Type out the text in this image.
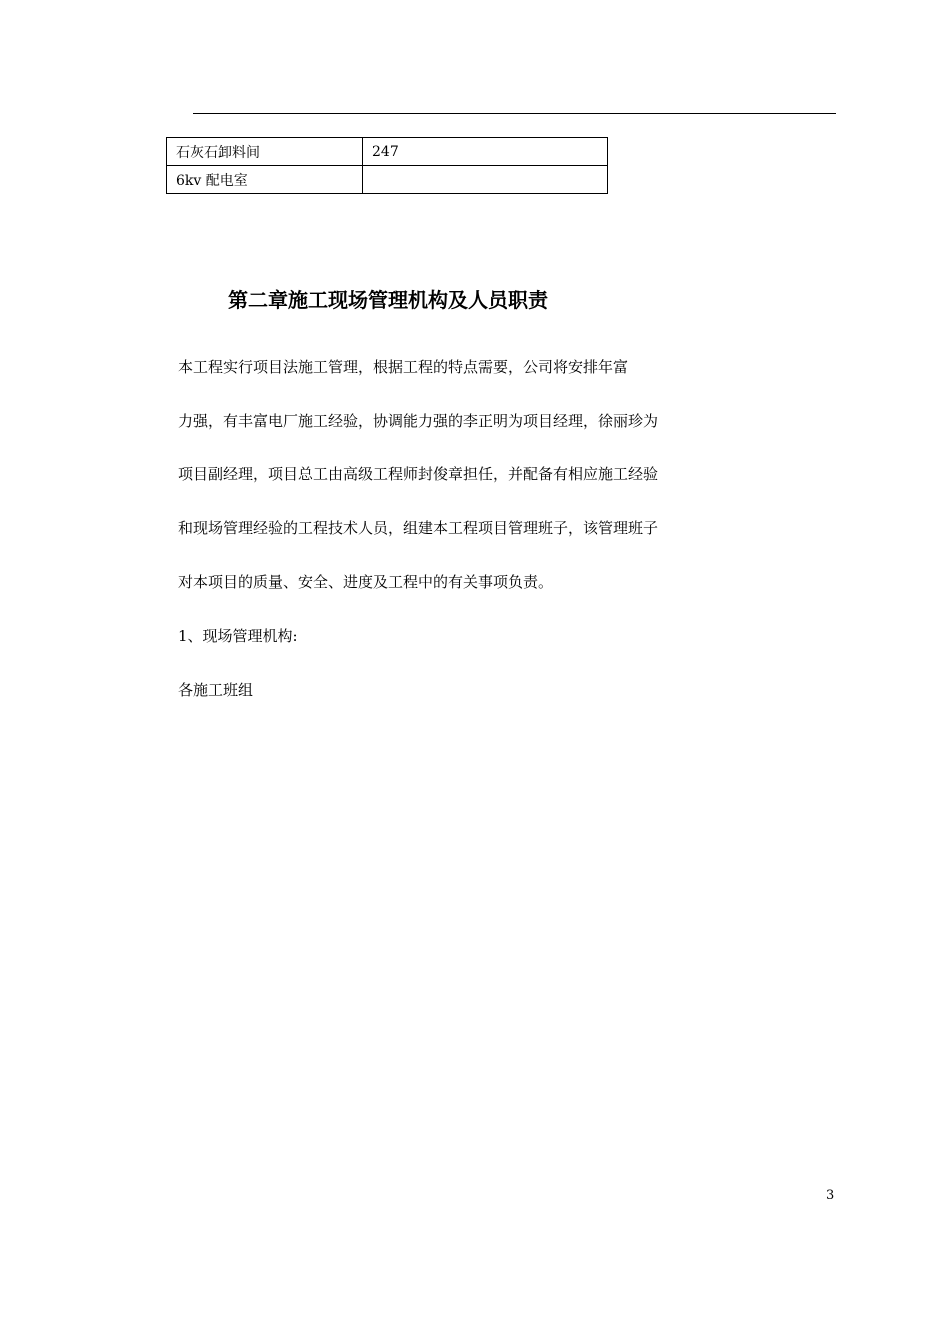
石灰石卸料间	247
6kv 配电室	
第二章施工现场管理机构及人员职责

本工程实行项目法施工管理，根据工程的特点需要，公司将安排年富

力强，有丰富电厂施工经验，协调能力强的李正明为项目经理，徐丽珍为

项目副经理，项目总工由高级工程师封俊章担任，并配备有相应施工经验

和现场管理经验的工程技术人员，组建本工程项目管理班子，该管理班子

对本项目的质量、安全、进度及工程中的有关事项负责。

1、现场管理机构:

各施工班组

3
